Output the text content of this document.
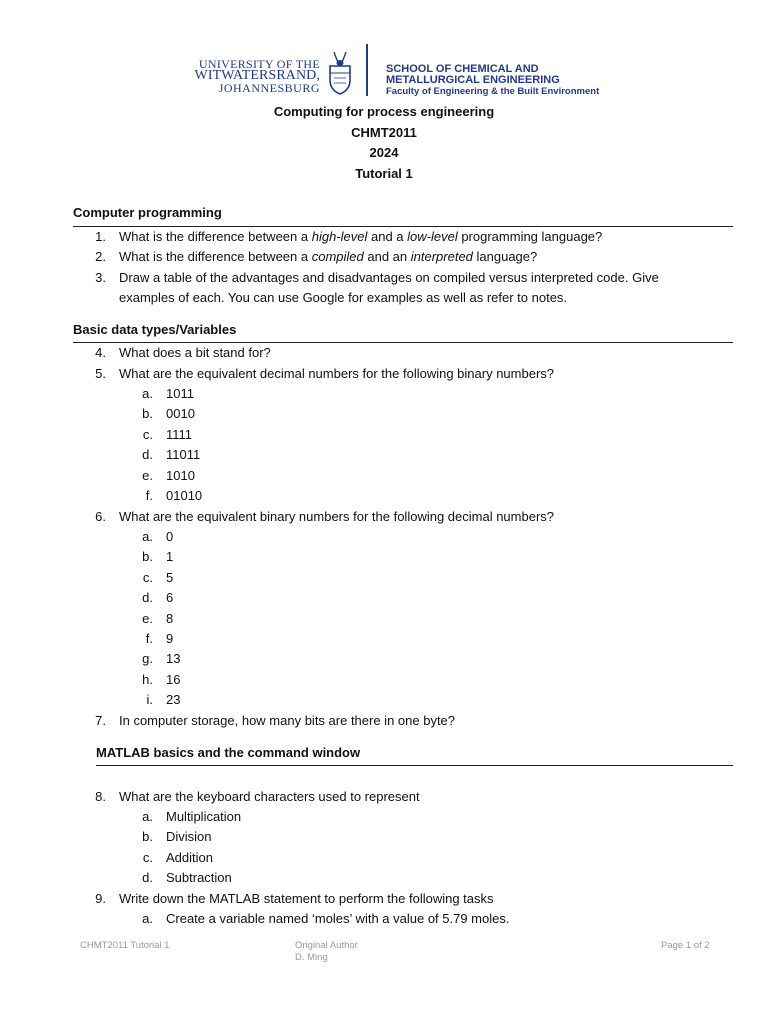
UNIVERSITY OF THE
WITWATERSRAND,
JOHANNESBURG
SCHOOL OF CHEMICAL AND
METALLURGICAL ENGINEERING
Faculty of Engineering & the Built Environment
Computing for process engineering
CHMT2011
2024
Tutorial 1
Computer programming
1. What is the difference between a high-level and a low-level programming language?
2. What is the difference between a compiled and an interpreted language?
3. Draw a table of the advantages and disadvantages on compiled versus interpreted code. Give
examples of each. You can use Google for examples as well as refer to notes.
Basic data types/Variables
4. What does a bit stand for?
5. What are the equivalent decimal numbers for the following binary numbers?
a. 1011
b. 0010
c. 1111
d. 11011
e. 1010
f. 01010
6. What are the equivalent binary numbers for the following decimal numbers?
a. 0
b. 1
c. 5
d. 6
e. 8
f. 9
g. 13
h. 16
i. 23
7. In computer storage, how many bits are there in one byte?
MATLAB basics and the command window
8. What are the keyboard characters used to represent
a. Multiplication
b. Division
c. Addition
d. Subtraction
9. Write down the MATLAB statement to perform the following tasks
a. Create a variable named ‘moles’ with a value of 5.79 moles.
CHMT2011 Tutorial 1	Original Author
D. Ming
Page 1 of 2
